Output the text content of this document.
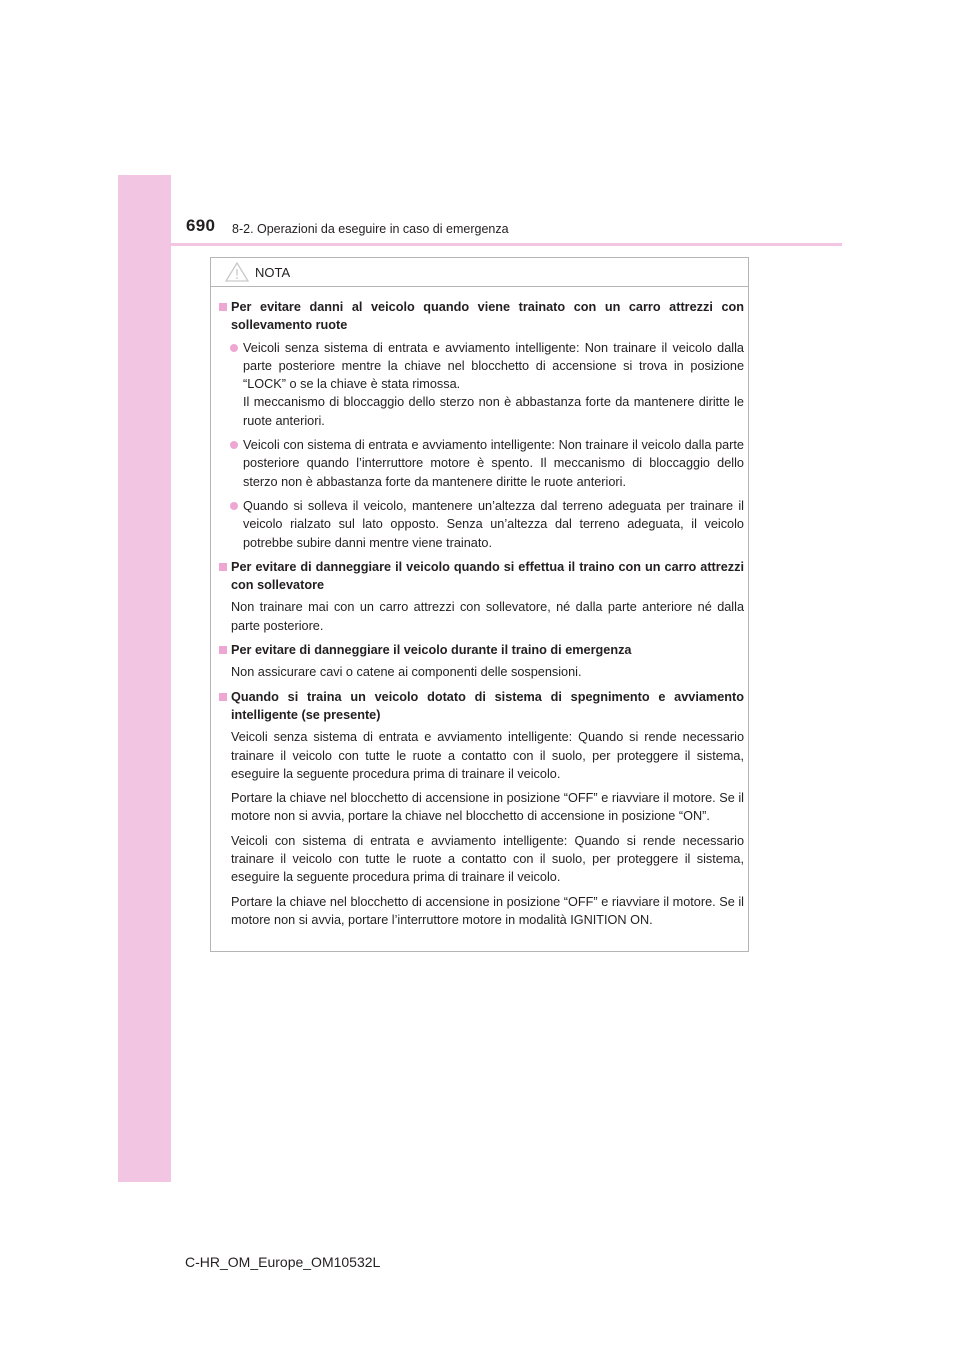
690 8-2. Operazioni da eseguire in caso di emergenza
NOTA
Per evitare danni al veicolo quando viene trainato con un carro attrezzi con sollevamento ruote
Veicoli senza sistema di entrata e avviamento intelligente: Non trainare il veicolo dalla parte posteriore mentre la chiave nel blocchetto di accensione si trova in posizione “LOCK” o se la chiave è stata rimossa.
Il meccanismo di bloccaggio dello sterzo non è abbastanza forte da mantenere diritte le ruote anteriori.
Veicoli con sistema di entrata e avviamento intelligente: Non trainare il veicolo dalla parte posteriore quando l’interruttore motore è spento. Il meccanismo di bloccaggio dello sterzo non è abbastanza forte da mantenere diritte le ruote anteriori.
Quando si solleva il veicolo, mantenere un’altezza dal terreno adeguata per trainare il veicolo rialzato sul lato opposto. Senza un’altezza dal terreno adeguata, il veicolo potrebbe subire danni mentre viene trainato.
Per evitare di danneggiare il veicolo quando si effettua il traino con un carro attrezzi con sollevatore
Non trainare mai con un carro attrezzi con sollevatore, né dalla parte anteriore né dalla parte posteriore.
Per evitare di danneggiare il veicolo durante il traino di emergenza
Non assicurare cavi o catene ai componenti delle sospensioni.
Quando si traina un veicolo dotato di sistema di spegnimento e avviamento intelligente (se presente)
Veicoli senza sistema di entrata e avviamento intelligente: Quando si rende necessario trainare il veicolo con tutte le ruote a contatto con il suolo, per proteggere il sistema, eseguire la seguente procedura prima di trainare il veicolo.
Portare la chiave nel blocchetto di accensione in posizione “OFF” e riavviare il motore. Se il motore non si avvia, portare la chiave nel blocchetto di accensione in posizione “ON”.
Veicoli con sistema di entrata e avviamento intelligente: Quando si rende necessario trainare il veicolo con tutte le ruote a contatto con il suolo, per proteggere il sistema, eseguire la seguente procedura prima di trainare il veicolo.
Portare la chiave nel blocchetto di accensione in posizione “OFF” e riavviare il motore. Se il motore non si avvia, portare l’interruttore motore in modalità IGNITION ON.
C-HR_OM_Europe_OM10532L
